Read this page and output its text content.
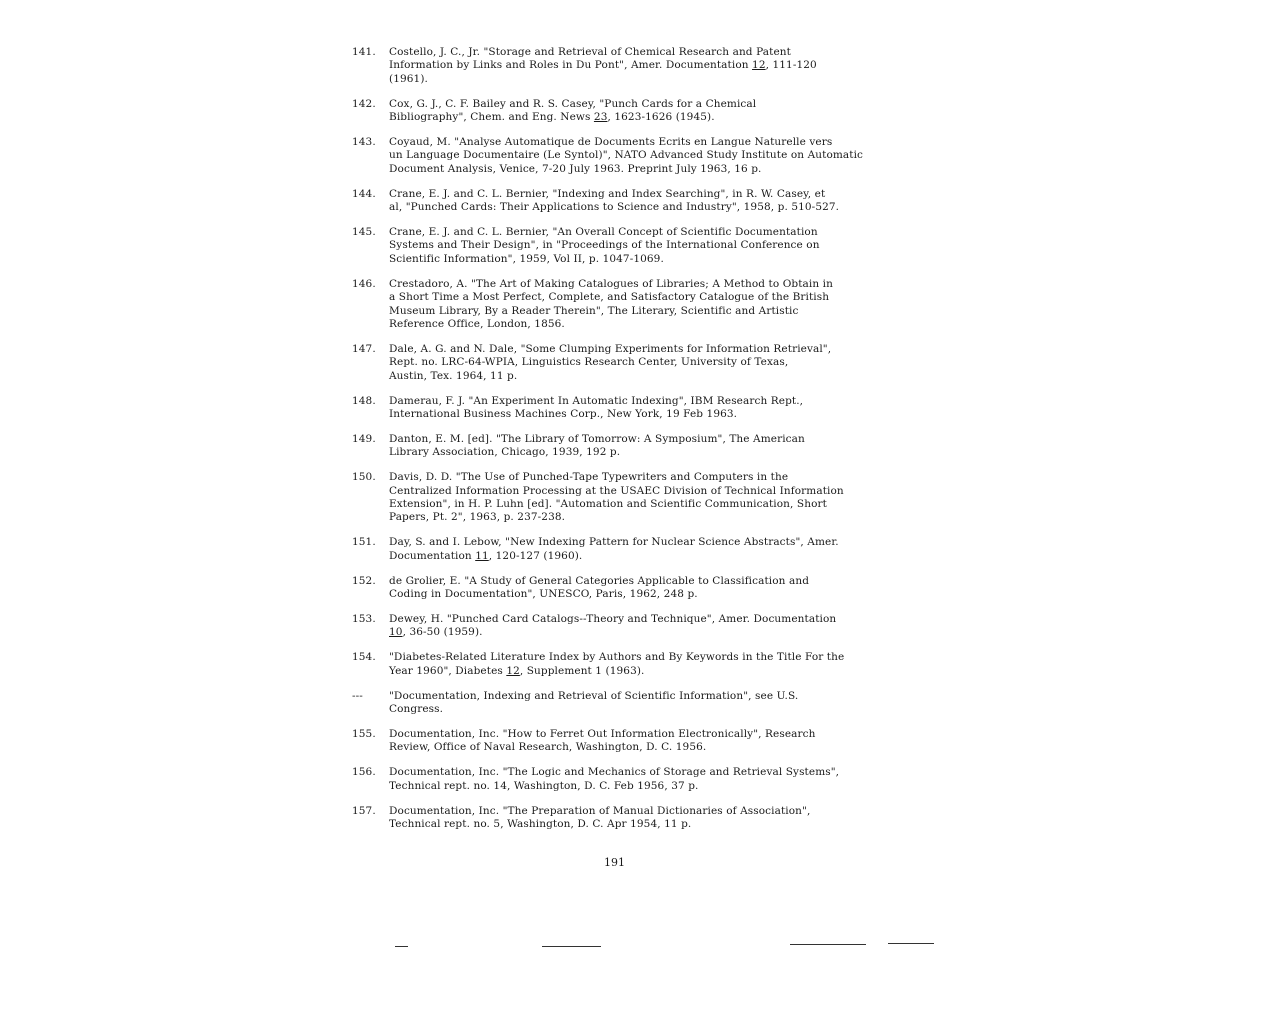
141.	Costello, J. C., Jr. "Storage and Retrieval of Chemical Research and Patent
Information by Links and Roles in Du Pont", Amer. Documentation 12, 111-120
(1961).
142.	Cox, G. J., C. F. Bailey and R. S. Casey, "Punch Cards for a Chemical
Bibliography", Chem. and Eng. News 23, 1623-1626 (1945).
143.	Coyaud, M. "Analyse Automatique de Documents Ecrits en Langue Naturelle vers
un Language Documentaire (Le Syntol)", NATO Advanced Study Institute on Automatic
Document Analysis, Venice, 7-20 July 1963. Preprint July 1963, 16 p.
144.	Crane, E. J. and C. L. Bernier, "Indexing and Index Searching", in R. W. Casey, et
al, "Punched Cards: Their Applications to Science and Industry", 1958, p. 510-527.
145.	Crane, E. J. and C. L. Bernier, "An Overall Concept of Scientific Documentation
Systems and Their Design", in "Proceedings of the International Conference on
Scientific Information", 1959, Vol II, p. 1047-1069.
146.	Crestadoro, A. "The Art of Making Catalogues of Libraries; A Method to Obtain in
a Short Time a Most Perfect, Complete, and Satisfactory Catalogue of the British
Museum Library, By a Reader Therein", The Literary, Scientific and Artistic
Reference Office, London, 1856.
147.	Dale, A. G. and N. Dale, "Some Clumping Experiments for Information Retrieval",
Rept. no. LRC-64-WPIA, Linguistics Research Center, University of Texas,
Austin, Tex. 1964, 11 p.
148.	Damerau, F. J. "An Experiment In Automatic Indexing", IBM Research Rept.,
International Business Machines Corp., New York, 19 Feb 1963.
149.	Danton, E. M. [ed]. "The Library of Tomorrow: A Symposium", The American
Library Association, Chicago, 1939, 192 p.
150.	Davis, D. D. "The Use of Punched-Tape Typewriters and Computers in the
Centralized Information Processing at the USAEC Division of Technical Information
Extension", in H. P. Luhn [ed]. "Automation and Scientific Communication, Short
Papers, Pt. 2", 1963, p. 237-238.
151.	Day, S. and I. Lebow, "New Indexing Pattern for Nuclear Science Abstracts", Amer.
Documentation 11, 120-127 (1960).
152.	de Grolier, E. "A Study of General Categories Applicable to Classification and
Coding in Documentation", UNESCO, Paris, 1962, 248 p.
153.	Dewey, H. "Punched Card Catalogs--Theory and Technique", Amer. Documentation
10, 36-50 (1959).
154.	"Diabetes-Related Literature Index by Authors and By Keywords in the Title For the
Year 1960", Diabetes 12, Supplement 1 (1963).
---	"Documentation, Indexing and Retrieval of Scientific Information", see U.S.
Congress.
155.	Documentation, Inc. "How to Ferret Out Information Electronically", Research
Review, Office of Naval Research, Washington, D. C. 1956.
156.	Documentation, Inc. "The Logic and Mechanics of Storage and Retrieval Systems",
Technical rept. no. 14, Washington, D. C. Feb 1956, 37 p.
157.	Documentation, Inc. "The Preparation of Manual Dictionaries of Association",
Technical rept. no. 5, Washington, D. C. Apr 1954, 11 p.
191
